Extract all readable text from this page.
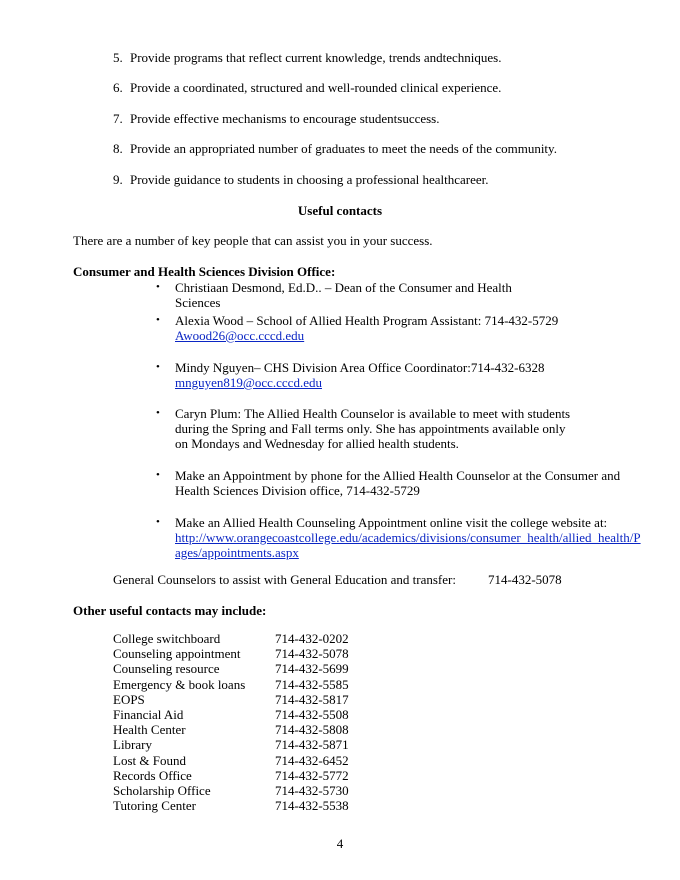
5. Provide programs that reflect current knowledge, trends andtechniques.
6. Provide a coordinated, structured and well-rounded clinical experience.
7. Provide effective mechanisms to encourage studentsuccess.
8. Provide an appropriated number of graduates to meet the needs of the community.
9. Provide guidance to students in choosing a professional healthcareer.
Useful contacts
There are a number of key people that can assist you in your success.
Consumer and Health Sciences Division Office:
• Christiaan Desmond, Ed.D.. – Dean of the Consumer and Health
Sciences
• Alexia Wood – School of Allied Health Program Assistant: 714-432-5729
Awood26@occ.cccd.edu
• Mindy Nguyen– CHS Division Area Office Coordinator:714-432-6328
mnguyen819@occ.cccd.edu
• Caryn Plum: The Allied Health Counselor is available to meet with students
during the Spring and Fall terms only. She has appointments available only
on Mondays and Wednesday for allied health students.
• Make an Appointment by phone for the Allied Health Counselor at the Consumer and
Health Sciences Division office, 714-432-5729
• Make an Allied Health Counseling Appointment online visit the college website at:
http://www.orangecoastcollege.edu/academics/divisions/consumer_health/allied_health/P
ages/appointments.aspx
General Counselors to assist with General Education and transfer: 714-432-5078
Other useful contacts may include:
College switchboard	714-432-0202
Counseling appointment	714-432-5078
Counseling resource	714-432-5699
Emergency & book loans 714-432-5585
EOPS	714-432-5817
Financial Aid	714-432-5508
Health Center	714-432-5808
Library	714-432-5871
Lost & Found	714-432-6452
Records Office	714-432-5772
Scholarship Office	714-432-5730
Tutoring Center	714-432-5538
4
